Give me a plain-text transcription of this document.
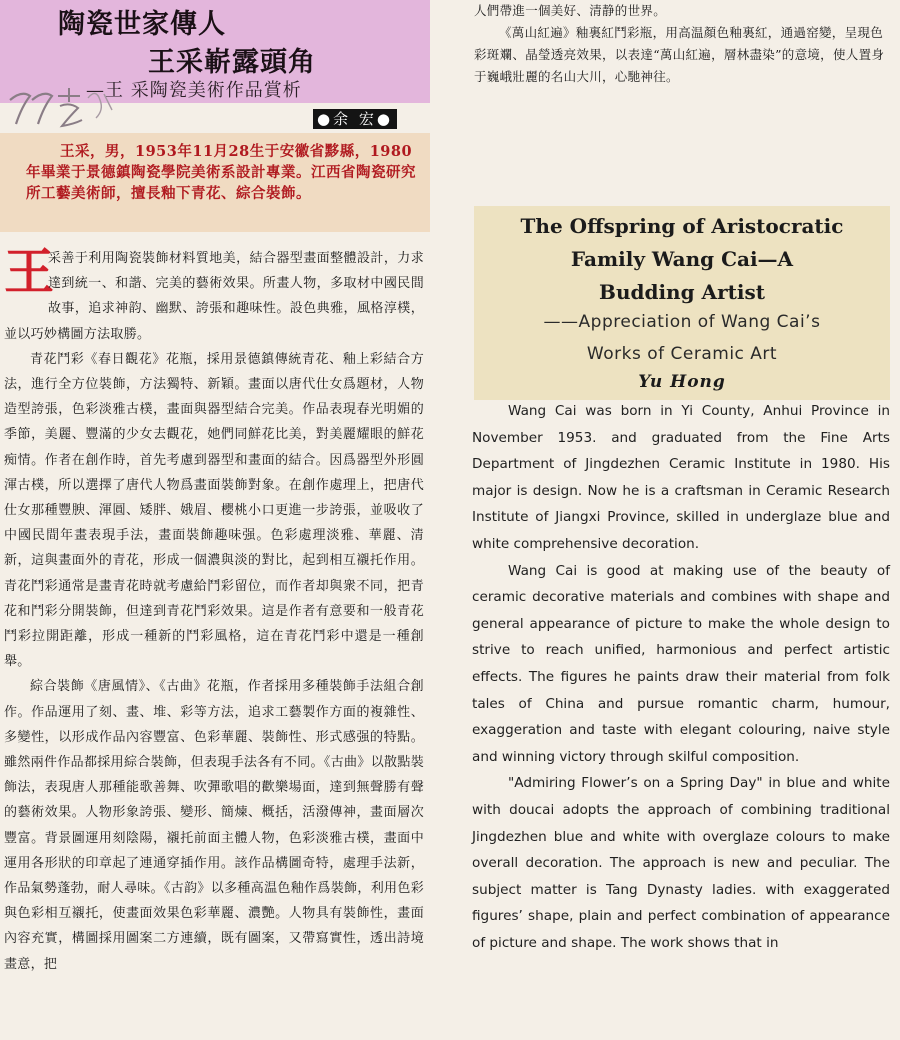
陶瓷世家傳人
王采嶄露頭角
—王 采陶瓷美術作品賞析
●余 宏●
王采，男，1953年11月28生于安徽省黟縣，1980年畢業于景德鎮陶瓷學院美術系設計專業。江西省陶瓷研究所工藝美術師，擅長釉下青花、綜合裝飾。
王

采善于利用陶瓷裝飾材料質地美，結合器型畫面整體設計，力求達到統一、和諧、完美的藝術效果。所畫人物，多取材中國民間故事，追求神韵、幽默、誇張和趣味性。設色典雅，風格淳樸，並以巧妙構圖方法取勝。

青花鬥彩《春日觀花》花瓶，採用景德鎮傳統青花、釉上彩結合方法，進行全方位裝飾，方法獨特、新穎。畫面以唐代仕女爲題材，人物造型誇張，色彩淡雅古樸，畫面與器型結合完美。作品表現春光明媚的季節，美麗、豐滿的少女去觀花，她們同鮮花比美，對美麗耀眼的鮮花痴情。作者在創作時，首先考慮到器型和畫面的結合。因爲器型外形圓渾古樸，所以選擇了唐代人物爲畫面裝飾對象。在創作處理上，把唐代仕女那種豐腴、渾圓、矮胖、娥眉、櫻桃小口更進一步誇張，並吸收了中國民間年畫表現手法，畫面裝飾趣味强。色彩處理淡雅、華麗、清新，這與畫面外的青花，形成一個濃與淡的對比，起到相互襯托作用。青花鬥彩通常是畫青花時就考慮給鬥彩留位，而作者却與衆不同，把青花和鬥彩分開裝飾，但達到青花鬥彩效果。這是作者有意要和一般青花鬥彩拉開距離，形成一種新的鬥彩風格，這在青花鬥彩中還是一種創舉。

綜合裝飾《唐風情》、《古曲》花瓶，作者採用多種裝飾手法組合創作。作品運用了刻、畫、堆、彩等方法，追求工藝製作方面的複雜性、多變性，以形成作品內容豐富、色彩華麗、裝飾性、形式感强的特點。雖然兩件作品都採用綜合裝飾，但表現手法各有不同。《古曲》以散點裝飾法，表現唐人那種能歌善舞、吹彈歌唱的歡樂場面，達到無聲勝有聲的藝術效果。人物形象誇張、變形、簡煉、概括，活潑傳神，畫面層次豐富。背景圖運用刻陰陽，襯托前面主體人物，色彩淡雅古樸，畫面中運用各形狀的印章起了連通穿插作用。該作品構圖奇特，處理手法新，作品氣勢蓬勃，耐人尋味。《古韵》以多種高温色釉作爲裝飾，利用色彩與色彩相互襯托，使畫面效果色彩華麗、濃艷。人物具有裝飾性，畫面內容充實，構圖採用圖案二方連續，既有圖案，又帶寫實性，透出詩境畫意，把

人們帶進一個美好、清静的世界。

《萬山紅遍》釉裏紅鬥彩瓶，用高温顏色釉裏紅，通過窑變，呈現色彩斑斕、晶瑩透亮效果，以表達“萬山紅遍，層林盡染”的意境，使人置身于巍峨壯麗的名山大川，心馳神往。

The Offspring of Aristocratic
Family Wang Cai—A
Budding Artist
——Appreciation of Wang Cai’s
Works of Ceramic Art
Yu Hong

Wang Cai was born in Yi County, Anhui Province in November 1953. and graduated from the Fine Arts Department of Jingdezhen Ceramic Institute in 1980. His major is design. Now he is a craftsman in Ceramic Research Institute of Jiangxi Province, skilled in underglaze blue and white comprehensive decoration.

Wang Cai is good at making use of the beauty of ceramic decorative materials and combines with shape and general appearance of picture to make the whole design to strive to reach unified, harmonious and perfect artistic effects. The figures he paints draw their material from folk tales of China and pursue romantic charm, humour, exaggeration and taste with elegant colouring, naive style and winning victory through skilful composition.

"Admiring Flower’s on a Spring Day" in blue and white with doucai adopts the approach of combining traditional Jingdezhen blue and white with overglaze colours to make overall decoration. The approach is new and peculiar. The subject matter is Tang Dynasty ladies. with exaggerated figures’ shape, plain and perfect combination of appearance of picture and shape. The work shows that in
